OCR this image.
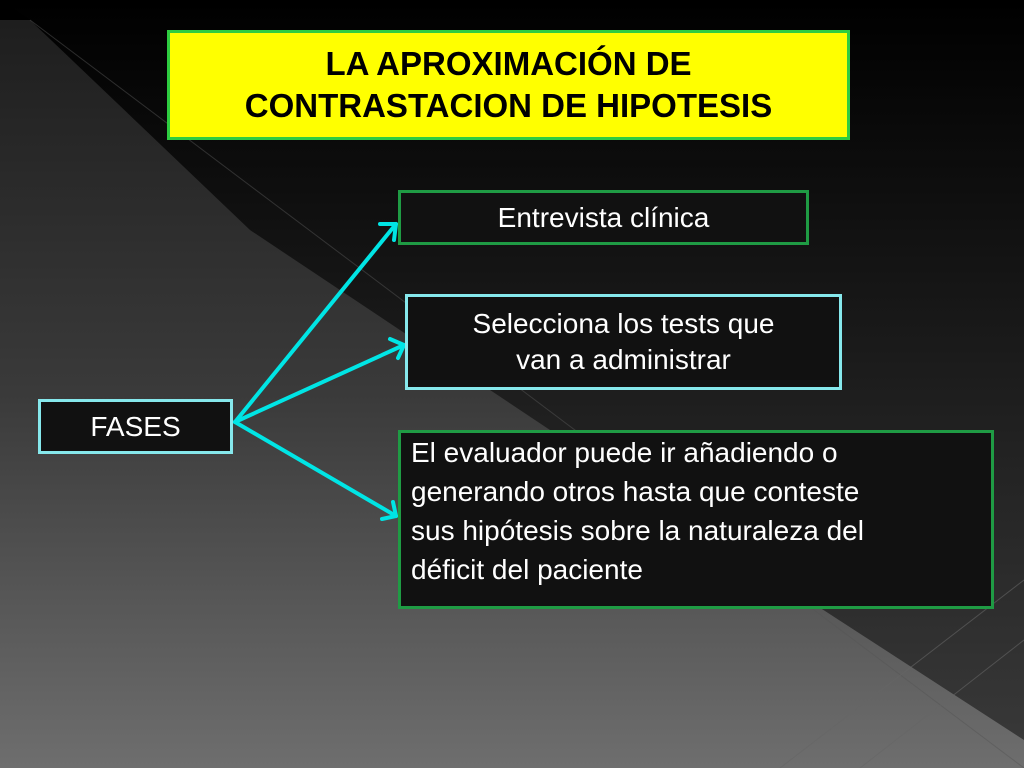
LA APROXIMACIÓN DE
CONTRASTACION DE HIPOTESIS
FASES
Entrevista clínica
Selecciona los tests que
van a administrar
El evaluador puede ir añadiendo o
generando otros hasta que conteste
sus hipótesis sobre la naturaleza del
déficit del paciente
